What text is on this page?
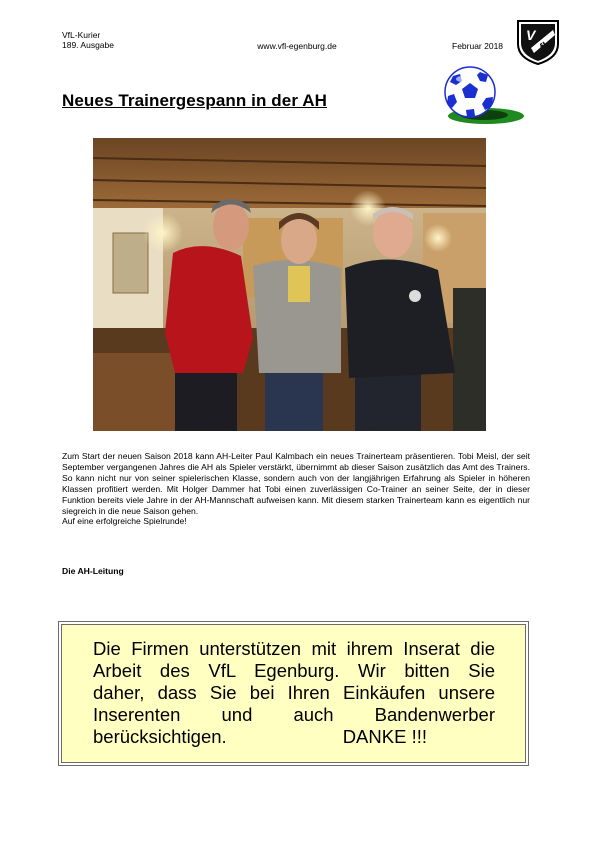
VfL-Kurier
189. Ausgabe	www.vfl-egenburg.de	Februar 2018
V
fL
Neues Trainergespann in der AH

Zum Start der neuen Saison 2018 kann AH-Leiter Paul Kalmbach ein neues Trainerteam präsentieren. Tobi Meisl, der seit September vergangenen Jahres die AH als Spieler verstärkt, übernimmt ab dieser Saison zusätzlich das Amt des Trainers. So kann nicht nur von seiner spielerischen Klasse, sondern auch von der langjährigen Erfahrung als Spieler in höheren Klassen profitiert werden. Mit Holger Dammer hat Tobi einen zuverlässigen Co-Trainer an seiner Seite, der in dieser Funktion bereits viele Jahre in der AH-Mannschaft aufweisen kann. Mit diesem starken Trainerteam kann es eigentlich nur siegreich in die neue Saison gehen.

Auf eine erfolgreiche Spielrunde!

Die AH-Leitung
Die Firmen unterstützen mit ihrem Inserat die
Arbeit des VfL Egenburg. Wir bitten Sie
daher, dass Sie bei Ihren Einkäufen unsere
Inserenten und auch Bandenwerber
berücksichtigen.	DANKE !!!
